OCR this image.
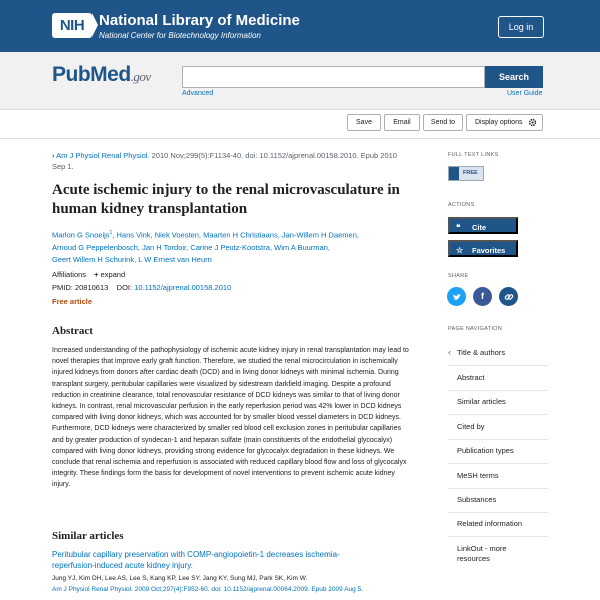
NIH National Library of Medicine
National Center for Biotechnology Information
Log in
PubMed.gov	Search
Advanced	User Guide
Save	Email	Send to	Display options
› Am J Physiol Renal Physiol. 2010 Nov;299(5):F1134-40. doi: 10.1152/ajprenal.00158.2010. Epub 2010 Sep 1.
Acute ischemic injury to the renal microvasculature in human kidney transplantation
Marlon G Snoeijs$^1$, Hans Vink, Niek Voesten, Maarten H Christiaans, Jan-Willem H Daemen,
Arnoud G Peppelenbosch, Jan H Tordoir, Carine J Peutz-Kootstra, Wim A Buurman,
Geert Willem H Schurink, L W Ernest van Heurn
Affiliations + expand
PMID: 20810613 DOI: 10.1152/ajprenal.00158.2010
Free article
Abstract

Increased understanding of the pathophysiology of ischemic acute kidney injury in renal transplantation may lead to novel therapies that improve early graft function. Therefore, we studied the renal microcirculation in ischemically injured kidneys from donors after cardiac death (DCD) and in living donor kidneys with minimal ischemia. During transplant surgery, peritubular capillaries were visualized by sidestream darkfield imaging. Despite a profound reduction in creatinine clearance, total renovascular resistance of DCD kidneys was similar to that of living donor kidneys. In contrast, renal microvascular perfusion in the early reperfusion period was 42% lower in DCD kidneys compared with living donor kidneys, which was accounted for by smaller blood vessel diameters in DCD kidneys. Furthermore, DCD kidneys were characterized by smaller red blood cell exclusion zones in peritubular capillaries and by greater production of syndecan-1 and heparan sulfate (main constituents of the endothelial glycocalyx) compared with living donor kidneys, providing strong evidence for glycocalyx degradation in these kidneys. We conclude that renal ischemia and reperfusion is associated with reduced capillary blood flow and loss of glycocalyx integrity. These findings form the basis for development of novel interventions to prevent ischemic acute kidney injury.

Similar articles
Peritubular capillary preservation with COMP-angiopoietin-1 decreases ischemia-reperfusion-induced acute kidney injury.
Jung YJ, Kim DH, Lee AS, Lee S, Kang KP, Lee SY, Jang KY, Sung MJ, Park SK, Kim W.
Am J Physiol Renal Physiol. 2009 Oct;297(4):F952-60. doi: 10.1152/ajprenal.00064.2009. Epub 2009 Aug 5.
FULL TEXT LINKS
FREE
ACTIONS
❝ Cite
☆ Favorites
SHARE
f
PAGE NAVIGATION
‹ Title & authors
Abstract
Similar articles
Cited by
Publication types
MeSH terms
Substances
Related information
LinkOut - more resources
